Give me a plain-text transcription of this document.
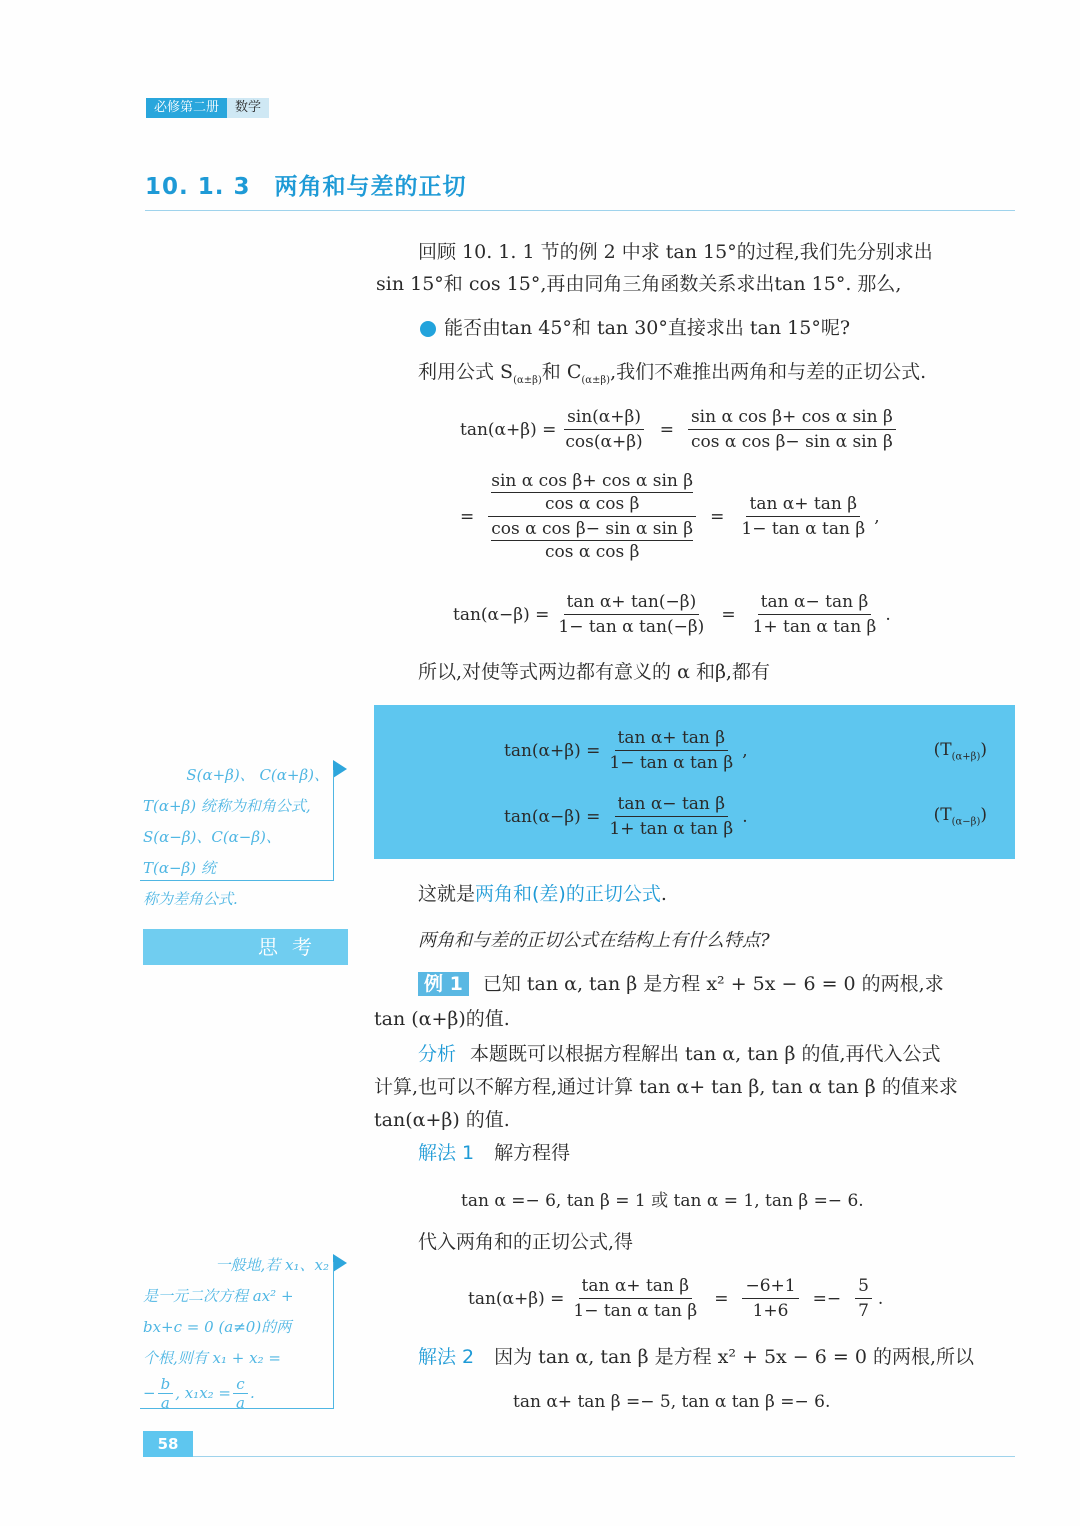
必修第二册	数学
10. 1. 3 两角和与差的正切
回顾 10. 1. 1 节的例 2 中求 tan 15°的过程,我们先分别求出
sin 15°和 cos 15°,再由同角三角函数关系求出tan 15°. 那么,
能否由tan 45°和 tan 30°直接求出 tan 15°呢?
利用公式 $S_{(\alpha\pm\beta)}$和 $C_{(\alpha\pm\beta)}$,我们不难推出两角和与差的正切公式.
$\tan(\alpha+\beta) = \frac{\sin(\alpha+\beta)}{\cos(\alpha+\beta)} = \frac{\text{sin α cos β+ cos α sin β}}{\text{cos α cos β− sin α sin β}}$
= $\frac{\frac{\text{sin α cos β+ cos α sin β}}{\text{cos α cos β}}}{\frac{\text{cos α cos β− sin α sin β}}{\text{cos α cos β}}} = \frac{\text{tan α+ tan β}}{\text{1− tan α tan β}}$ ,
$\tan(\alpha-\beta) = \frac{\text{tan α+ tan(−β)}}{\text{1− tan α tan(−β)}} = \frac{\text{tan α− tan β}}{\text{1+ tan α tan β}}$ .
所以,对使等式两边都有意义的 α 和β,都有
$\tan(\alpha+\beta) = \frac{\text{tan α+ tan β}}{\text{1− tan α tan β}}$ ,	$(T_{(\alpha+\beta)})$
$\tan(\alpha-\beta) = \frac{\text{tan α− tan β}}{\text{1+ tan α tan β}}$ .	$(T_{(\alpha-\beta)})$
S(α+β)、 C(α+β)、
T(α+β) 统称为和角公式,
S(α−β)、C(α−β)、T(α−β) 统
称为差角公式.	这就是两角和(差)的正切公式.
思考	两角和与差的正切公式在结构上有什么特点?
例 1 已知 tan α, tan β 是方程 x² + 5x − 6 = 0 的两根,求
tan (α+β)的值.
分析 本题既可以根据方程解出 tan α, tan β 的值,再代入公式
计算,也可以不解方程,通过计算 tan α+ tan β, tan α tan β 的值来求
tan(α+β) 的值.
解法 1 解方程得
tan α =− 6, tan β = 1 或 tan α = 1, tan β =− 6.
代入两角和的正切公式,得
$\tan(\alpha+\beta) = \frac{\text{tan α+ tan β}}{\text{1− tan α tan β}} = \frac{-6+1}{1+6} =- \frac{5}{7}$ .
解法 2 因为 tan α, tan β 是方程 x² + 5x − 6 = 0 的两根,所以
tan α+ tan β =− 5, tan α tan β =− 6.
一般地,若 x₁、x₂
是一元二次方程 ax² +
bx+c = 0 (a≠0)的两
个根,则有 x₁ + x₂ =
− $\frac{b}{a}$ , $x_1x_2 = \frac{c}{a}$ .
58
